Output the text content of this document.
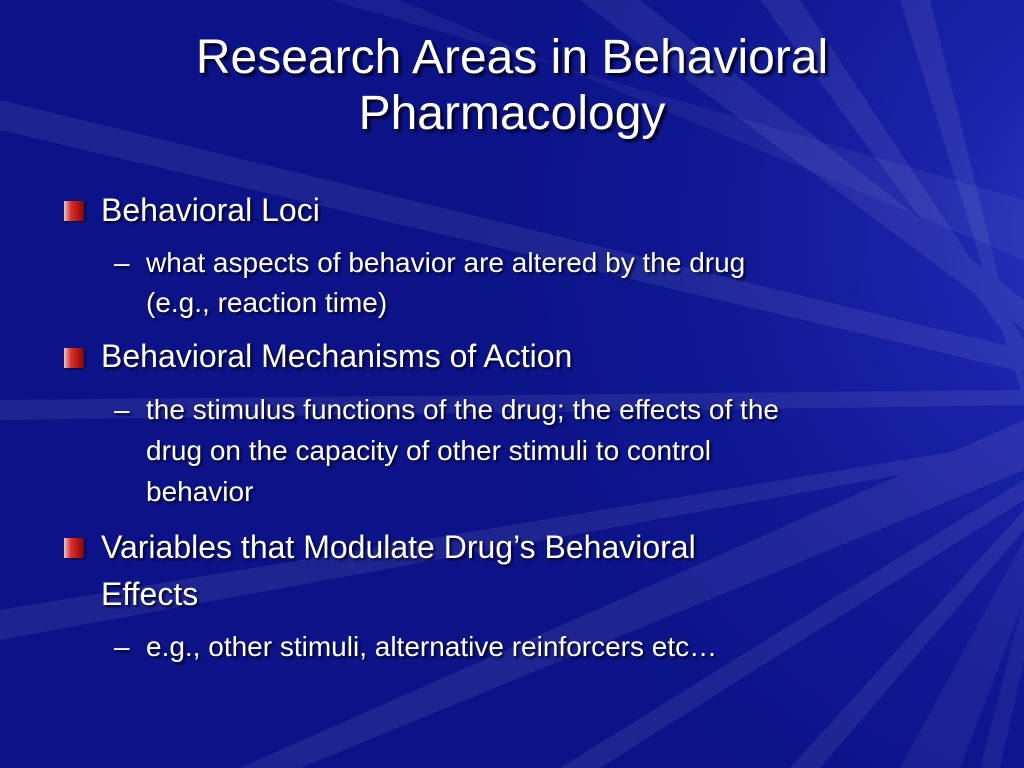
Research Areas in Behavioral
Pharmacology
Behavioral Loci
– what aspects of behavior are altered by the drug
(e.g., reaction time)
Behavioral Mechanisms of Action
– the stimulus functions of the drug; the effects of the
drug on the capacity of other stimuli to control
behavior
Variables that Modulate Drug’s Behavioral
Effects
– e.g., other stimuli, alternative reinforcers etc…
